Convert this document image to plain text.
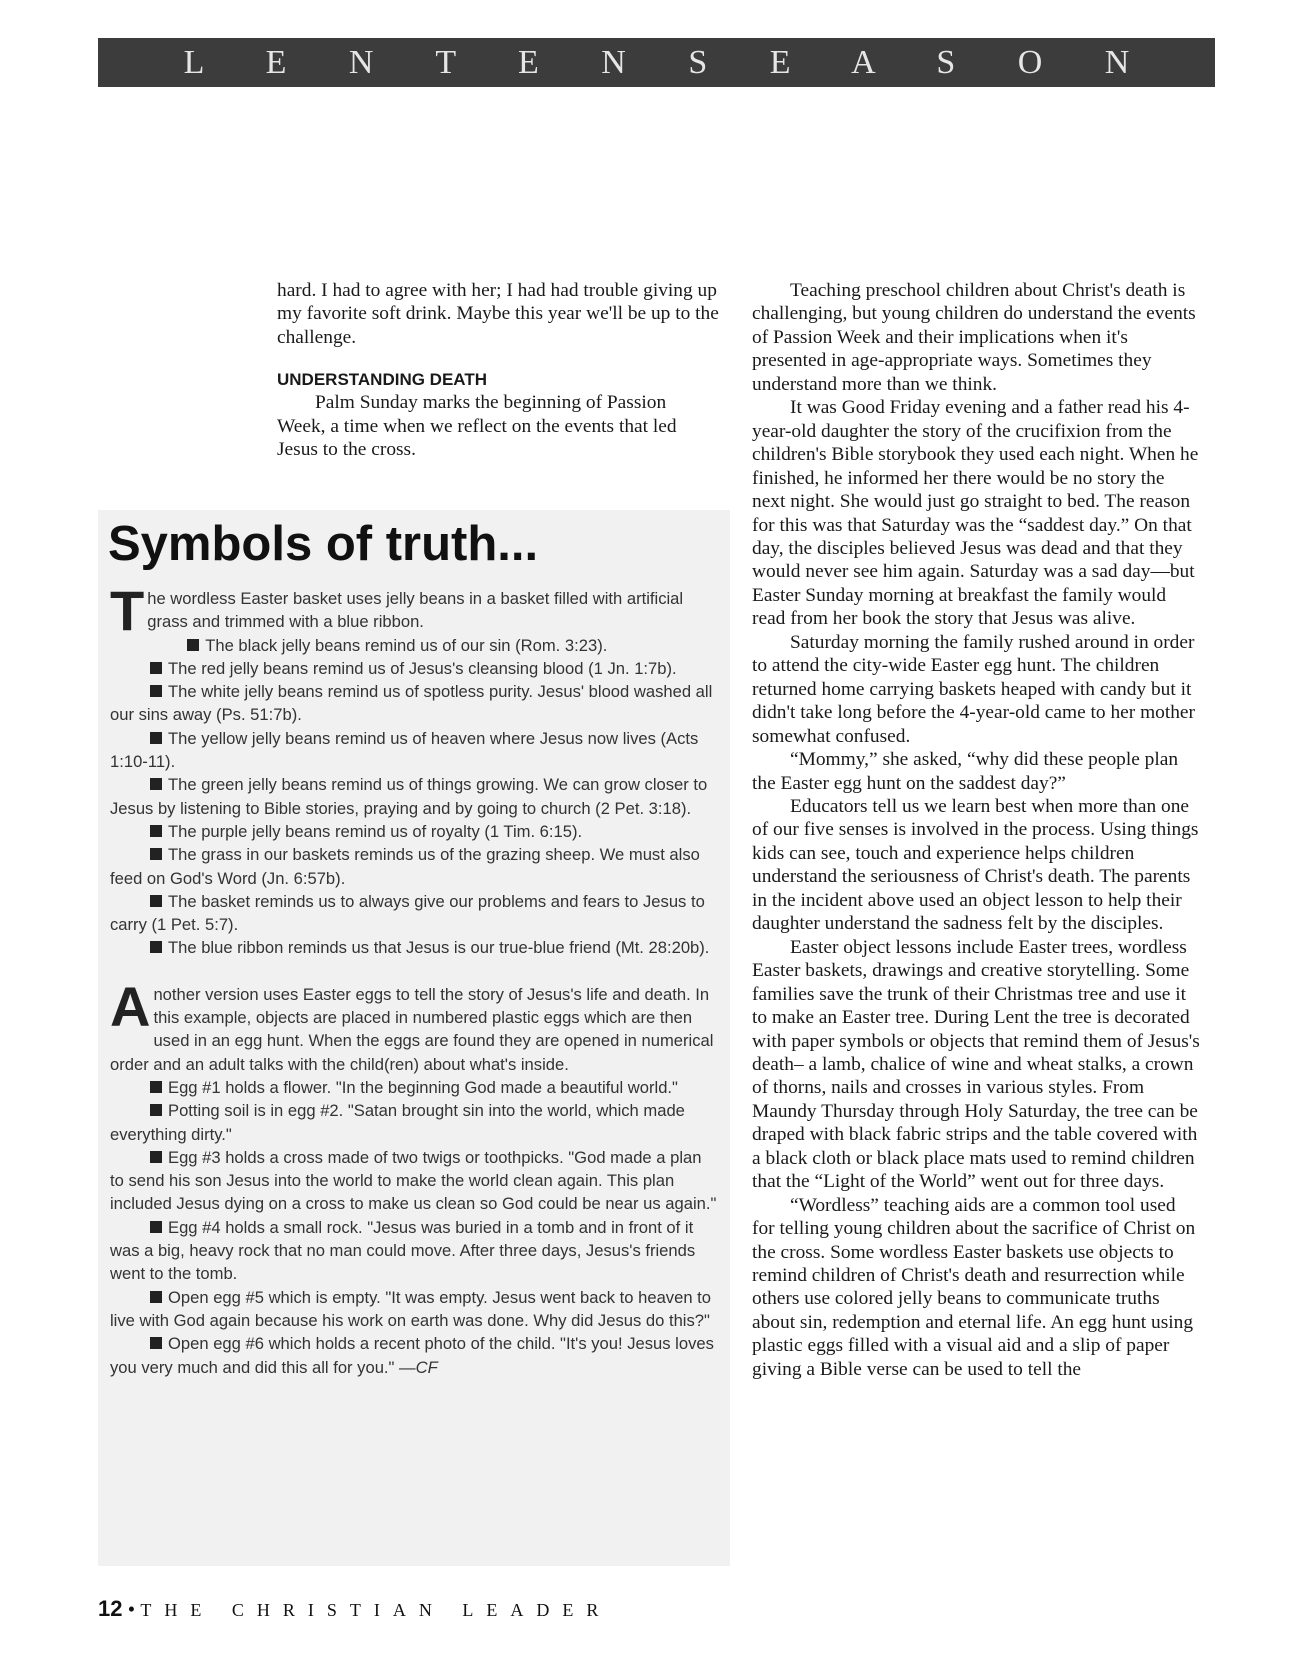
L E N T E N S E A S O N

hard. I had to agree with her; I had had trouble giving up my favorite soft drink. Maybe this year we'll be up to the challenge.

UNDERSTANDING DEATH

Palm Sunday marks the beginning of Passion Week, a time when we reflect on the events that led Jesus to the cross.

Symbols of truth...

The wordless Easter basket uses jelly beans in a basket filled with artificial grass and trimmed with a blue ribbon.

The black jelly beans remind us of our sin (Rom. 3:23).

The red jelly beans remind us of Jesus's cleansing blood (1 Jn. 1:7b).

The white jelly beans remind us of spotless purity. Jesus' blood washed all our sins away (Ps. 51:7b).

The yellow jelly beans remind us of heaven where Jesus now lives (Acts 1:10-11).

The green jelly beans remind us of things growing. We can grow closer to Jesus by listening to Bible stories, praying and by going to church (2 Pet. 3:18).

The purple jelly beans remind us of royalty (1 Tim. 6:15).

The grass in our baskets reminds us of the grazing sheep. We must also feed on God's Word (Jn. 6:57b).

The basket reminds us to always give our problems and fears to Jesus to carry (1 Pet. 5:7).

The blue ribbon reminds us that Jesus is our true-blue friend (Mt. 28:20b).

Another version uses Easter eggs to tell the story of Jesus's life and death. In this example, objects are placed in numbered plastic eggs which are then used in an egg hunt. When the eggs are found they are opened in numerical order and an adult talks with the child(ren) about what's inside.

Egg #1 holds a flower. "In the beginning God made a beautiful world."

Potting soil is in egg #2. "Satan brought sin into the world, which made everything dirty."

Egg #3 holds a cross made of two twigs or toothpicks. "God made a plan to send his son Jesus into the world to make the world clean again. This plan included Jesus dying on a cross to make us clean so God could be near us again."

Egg #4 holds a small rock. "Jesus was buried in a tomb and in front of it was a big, heavy rock that no man could move. After three days, Jesus's friends went to the tomb.

Open egg #5 which is empty. "It was empty. Jesus went back to heaven to live with God again because his work on earth was done. Why did Jesus do this?"

Open egg #6 which holds a recent photo of the child. "It's you! Jesus loves you very much and did this all for you." —CF

Teaching preschool children about Christ's death is challenging, but young children do understand the events of Passion Week and their implications when it's presented in age-appropriate ways. Sometimes they understand more than we think.

It was Good Friday evening and a father read his 4-year-old daughter the story of the crucifixion from the children's Bible storybook they used each night. When he finished, he informed her there would be no story the next night. She would just go straight to bed. The reason for this was that Saturday was the “saddest day.” On that day, the disciples believed Jesus was dead and that they would never see him again. Saturday was a sad day—but Easter Sunday morning at breakfast the family would read from her book the story that Jesus was alive.

Saturday morning the family rushed around in order to attend the city-wide Easter egg hunt. The children returned home carrying baskets heaped with candy but it didn't take long before the 4-year-old came to her mother somewhat confused.

“Mommy,” she asked, “why did these people plan the Easter egg hunt on the saddest day?”

Educators tell us we learn best when more than one of our five senses is involved in the process. Using things kids can see, touch and experience helps children understand the seriousness of Christ's death. The parents in the incident above used an object lesson to help their daughter understand the sadness felt by the disciples.

Easter object lessons include Easter trees, wordless Easter baskets, drawings and creative storytelling. Some families save the trunk of their Christmas tree and use it to make an Easter tree. During Lent the tree is decorated with paper symbols or objects that remind them of Jesus's death– a lamb, chalice of wine and wheat stalks, a crown of thorns, nails and crosses in various styles. From Maundy Thursday through Holy Saturday, the tree can be draped with black fabric strips and the table covered with a black cloth or black place mats used to remind children that the “Light of the World” went out for three days.

“Wordless” teaching aids are a common tool used for telling young children about the sacrifice of Christ on the cross. Some wordless Easter baskets use objects to remind children of Christ's death and resurrection while others use colored jelly beans to communicate truths about sin, redemption and eternal life. An egg hunt using plastic eggs filled with a visual aid and a slip of paper giving a Bible verse can be used to tell the

12 • THE CHRISTIAN LEADER
